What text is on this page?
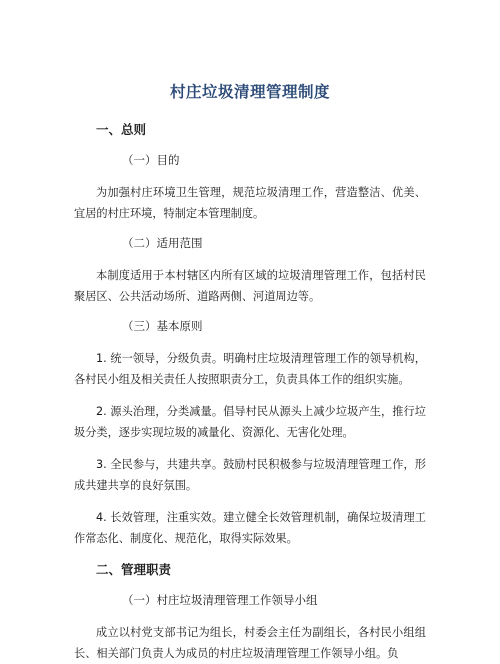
村庄垃圾清理管理制度
一、总则
（一）目的

为加强村庄环境卫生管理，规范垃圾清理工作，营造整洁、优美、宜居的村庄环境，特制定本管理制度。

（二）适用范围

本制度适用于本村辖区内所有区域的垃圾清理管理工作，包括村民聚居区、公共活动场所、道路两侧、河道周边等。

（三）基本原则

1. 统一领导，分级负责。明确村庄垃圾清理管理工作的领导机构，各村民小组及相关责任人按照职责分工，负责具体工作的组织实施。

2. 源头治理，分类减量。倡导村民从源头上减少垃圾产生，推行垃圾分类，逐步实现垃圾的减量化、资源化、无害化处理。

3. 全民参与，共建共享。鼓励村民积极参与垃圾清理管理工作，形成共建共享的良好氛围。

4. 长效管理，注重实效。建立健全长效管理机制，确保垃圾清理工作常态化、制度化、规范化，取得实际效果。

二、管理职责
（一）村庄垃圾清理管理工作领导小组

成立以村党支部书记为组长，村委会主任为副组长，各村民小组组长、相关部门负责人为成员的村庄垃圾清理管理工作领导小组。负
